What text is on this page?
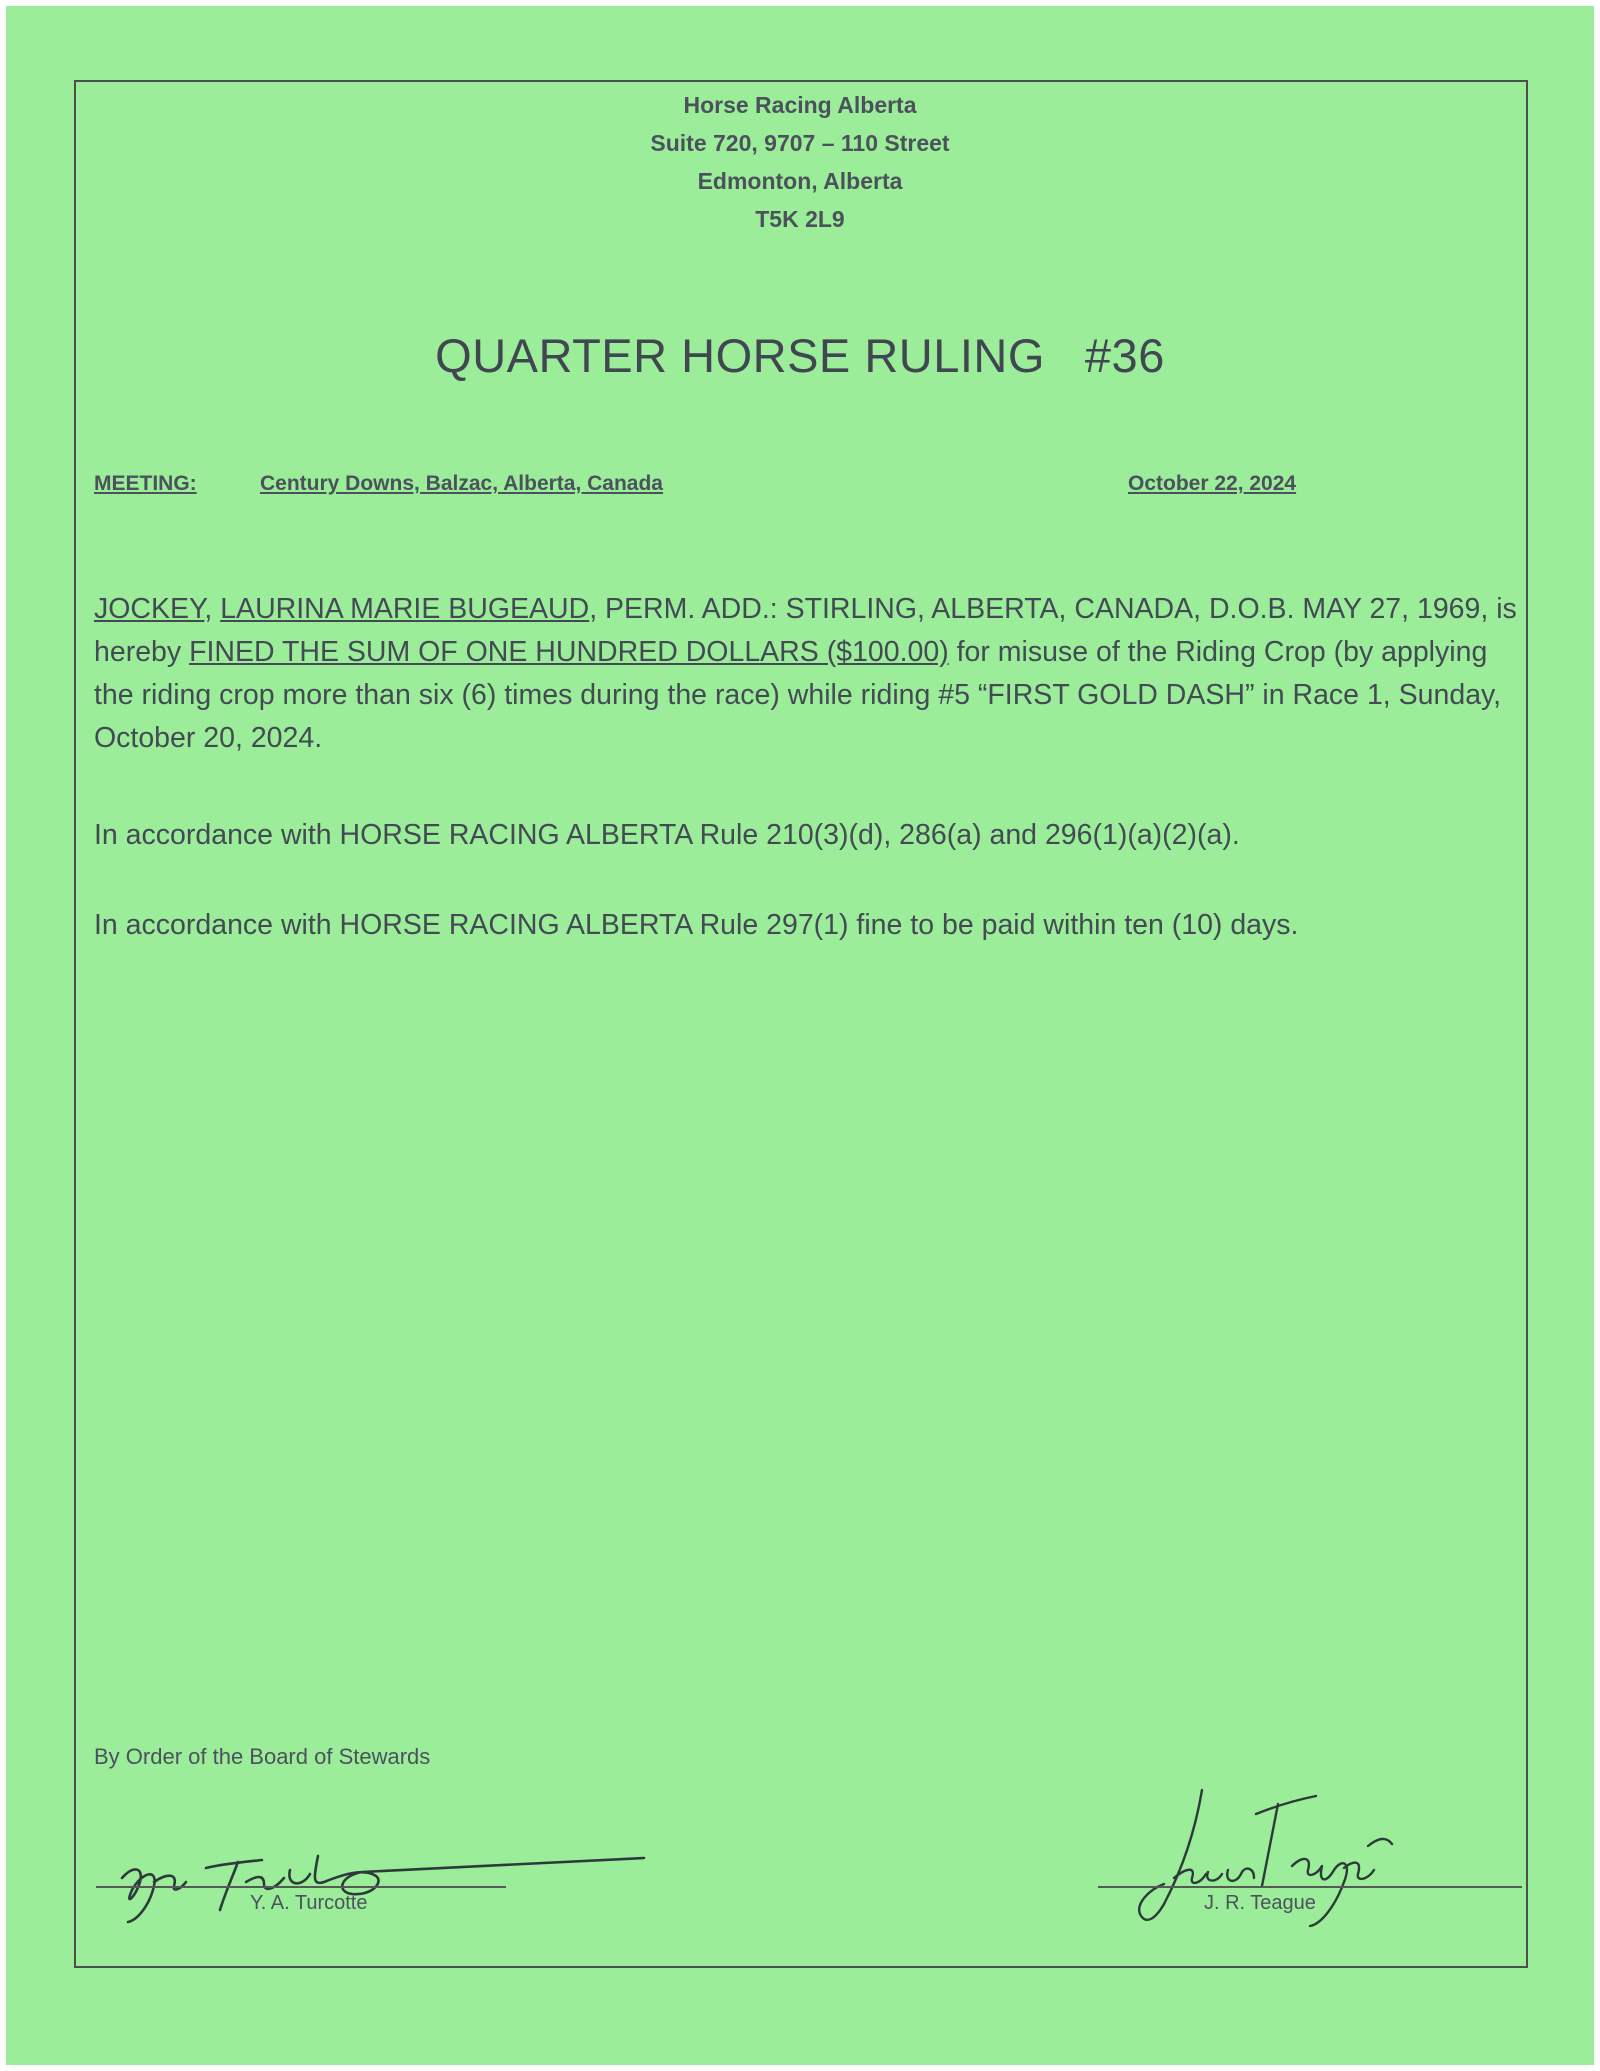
Horse Racing Alberta
Suite 720, 9707 – 110 Street
Edmonton, Alberta
T5K 2L9
QUARTER HORSE RULING #36
MEETING:	Century Downs, Balzac, Alberta, Canada	October 22, 2024
JOCKEY, LAURINA MARIE BUGEAUD, PERM. ADD.: STIRLING, ALBERTA, CANADA, D.O.B. MAY 27, 1969, is hereby FINED THE SUM OF ONE HUNDRED DOLLARS ($100.00) for misuse of the Riding Crop (by applying the riding crop more than six (6) times during the race) while riding #5 “FIRST GOLD DASH” in Race 1, Sunday, October 20, 2024.
In accordance with HORSE RACING ALBERTA Rule 210(3)(d), 286(a) and 296(1)(a)(2)(a).
In accordance with HORSE RACING ALBERTA Rule 297(1) fine to be paid within ten (10) days.
By Order of the Board of Stewards
Y. A. Turcotte	J. R. Teague
